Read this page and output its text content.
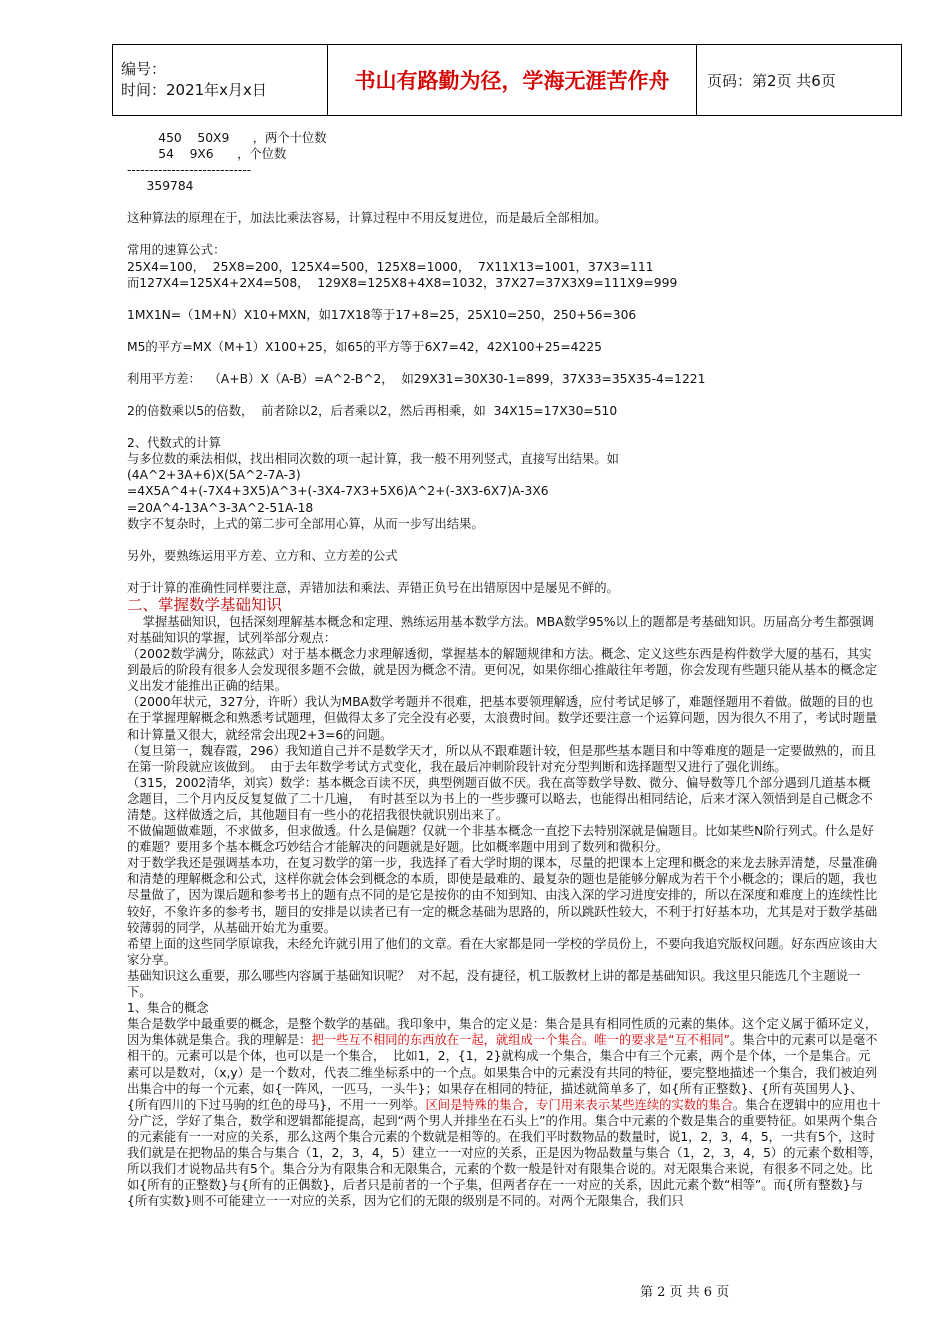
编号：
时间：2021年x月x日	书山有路勤为径，学海无涯苦作舟	页码：第2页 共6页

450    50X9      ，两个十位数

54    9X6      ，个位数

----------------------------

359784

这种算法的原理在于，加法比乘法容易，计算过程中不用反复进位，而是最后全部相加。

常用的速算公式：

25X4=100，  25X8=200，125X4=500，125X8=1000，  7X11X13=1001，37X3=111

而127X4=125X4+2X4=508，  129X8=125X8+4X8=1032，37X27=37X3X9=111X9=999

1MX1N=（1M+N）X10+MXN，如17X18等于17+8=25，25X10=250，250+56=306

M5的平方=MX（M+1）X100+25，如65的平方等于6X7=42，42X100+25=4225

利用平方差：  （A+B）X（A-B）=A^2-B^2，  如29X31=30X30-1=899，37X33=35X35-4=1221

2的倍数乘以5的倍数，  前者除以2，后者乘以2，然后再相乘，如  34X15=17X30=510

2、代数式的计算

与多位数的乘法相似，找出相同次数的项一起计算，我一般不用列竖式，直接写出结果。如

(4A^2+3A+6)X(5A^2-7A-3)

=4X5A^4+(-7X4+3X5)A^3+(-3X4-7X3+5X6)A^2+(-3X3-6X7)A-3X6

=20A^4-13A^3-3A^2-51A-18

数字不复杂时，上式的第二步可全部用心算，从而一步写出结果。

另外，要熟练运用平方差、立方和、立方差的公式

对于计算的准确性同样要注意，弄错加法和乘法、弄错正负号在出错原因中是屡见不鲜的。

二、掌握数学基础知识

掌握基础知识，包括深刻理解基本概念和定理、熟练运用基本数学方法。MBA数学95%以上的题都是考基础知识。历届高分考生都强调对基础知识的掌握，试列举部分观点：

（2002数学满分，陈兹武）对于基本概念力求理解透彻，掌握基本的解题规律和方法。概念、定义这些东西是构件数学大厦的基石，其实到最后的阶段有很多人会发现很多题不会做，就是因为概念不清。更何况，如果你细心推敲往年考题，你会发现有些题只能从基本的概念定义出发才能推出正确的结果。

（2000年状元，327分，许昕）我认为MBA数学考题并不很难，把基本要领理解透，应付考试足够了，难题怪题用不着做。做题的目的也在于掌握理解概念和熟悉考试题理，但做得太多了完全没有必要，太浪费时间。数学还要注意一个运算问题，因为很久不用了，考试时题量和计算量又很大，就经常会出现2+3=6的问题。

（复旦第一，魏春霞，296）我知道自己并不是数学天才，所以从不跟难题计较，但是那些基本题目和中等难度的题是一定要做熟的，而且在第一阶段就应该做到。  由于去年数学考试方式变化，我在最后冲刺阶段针对充分型判断和选择题型又进行了强化训练。

（315，2002清华，刘宾）数学：基本概念百读不厌，典型例题百做不厌。我在高等数学导数、微分、偏导数等几个部分遇到几道基本概念题目，二个月内反反复复做了二十几遍，  有时甚至以为书上的一些步骤可以略去，也能得出相同结论，后来才深入领悟到是自己概念不清楚。这样做透之后，其他题目有一些小的花招我很快就识别出来了。

不做偏题做难题，不求做多，但求做透。什么是偏题？仅就一个非基本概念一直挖下去特别深就是偏题目。比如某些N阶行列式。什么是好的难题？要用多个基本概念巧妙结合才能解决的问题就是好题。比如概率题中用到了数列和微积分。

对于数学我还是强调基本功，在复习数学的第一步，我选择了看大学时期的课本，尽量的把课本上定理和概念的来龙去脉弄清楚，尽量准确和清楚的理解概念和公式，这样你就会体会到概念的本质，即使是最难的、最复杂的题也是能够分解成为若干个小概念的；课后的题，我也尽量做了，因为课后题和参考书上的题有点不同的是它是按你的由不知到知、由浅入深的学习进度安排的，所以在深度和难度上的连续性比较好，不象许多的参考书，题目的安排是以读者已有一定的概念基础为思路的，所以跳跃性较大，不利于打好基本功，尤其是对于数学基础较薄弱的同学，从基础开始尤为重要。

希望上面的这些同学原谅我，未经允许就引用了他们的文章。看在大家都是同一学校的学员份上，不要向我追究版权问题。好东西应该由大家分享。

基础知识这么重要，那么哪些内容属于基础知识呢？  对不起，没有捷径，机工版教材上讲的都是基础知识。我这里只能选几个主题说一下。

1、集合的概念

集合是数学中最重要的概念，是整个数学的基础。我印象中，集合的定义是：集合是具有相同性质的元素的集体。这个定义属于循环定义，因为集体就是集合。我的理解是：把一些互不相同的东西放在一起，就组成一个集合。唯一的要求是“互不相同”。集合中的元素可以是毫不相干的。元素可以是个体，也可以是一个集合，  比如1，2，{1，2}就构成一个集合，集合中有三个元素，两个是个体，一个是集合。元素可以是数对，（x,y）是一个数对，代表二维坐标系中的一个点。如果集合中的元素没有共同的特征，要完整地描述一个集合，我们被迫列出集合中的每一个元素，如{一阵风，一匹马，一头牛}；如果存在相同的特征，描述就简单多了，如{所有正整数}、{所有英国男人}、{所有四川的下过马驹的红色的母马}，不用一一列举。区间是特殊的集合，专门用来表示某些连续的实数的集合。集合在逻辑中的应用也十分广泛，学好了集合，数学和逻辑都能提高，起到“两个男人并排坐在石头上”的作用。集合中元素的个数是集合的重要特征。如果两个集合的元素能有一一对应的关系，那么这两个集合元素的个数就是相等的。在我们平时数物品的数量时，说1，2，3，4，5，一共有5个，这时我们就是在把物品的集合与集合（1，2，3，4，5）建立一一对应的关系，正是因为物品数量与集合（1，2，3，4，5）的元素个数相等，所以我们才说物品共有5个。集合分为有限集合和无限集合，元素的个数一般是针对有限集合说的。对无限集合来说，有很多不同之处。比如{所有的正整数}与{所有的正偶数}，后者只是前者的一个子集，但两者存在一一对应的关系，因此元素个数“相等”。而{所有整数}与{所有实数}则不可能建立一一对应的关系，因为它们的无限的级别是不同的。对两个无限集合，我们只

第 2 页 共 6 页
